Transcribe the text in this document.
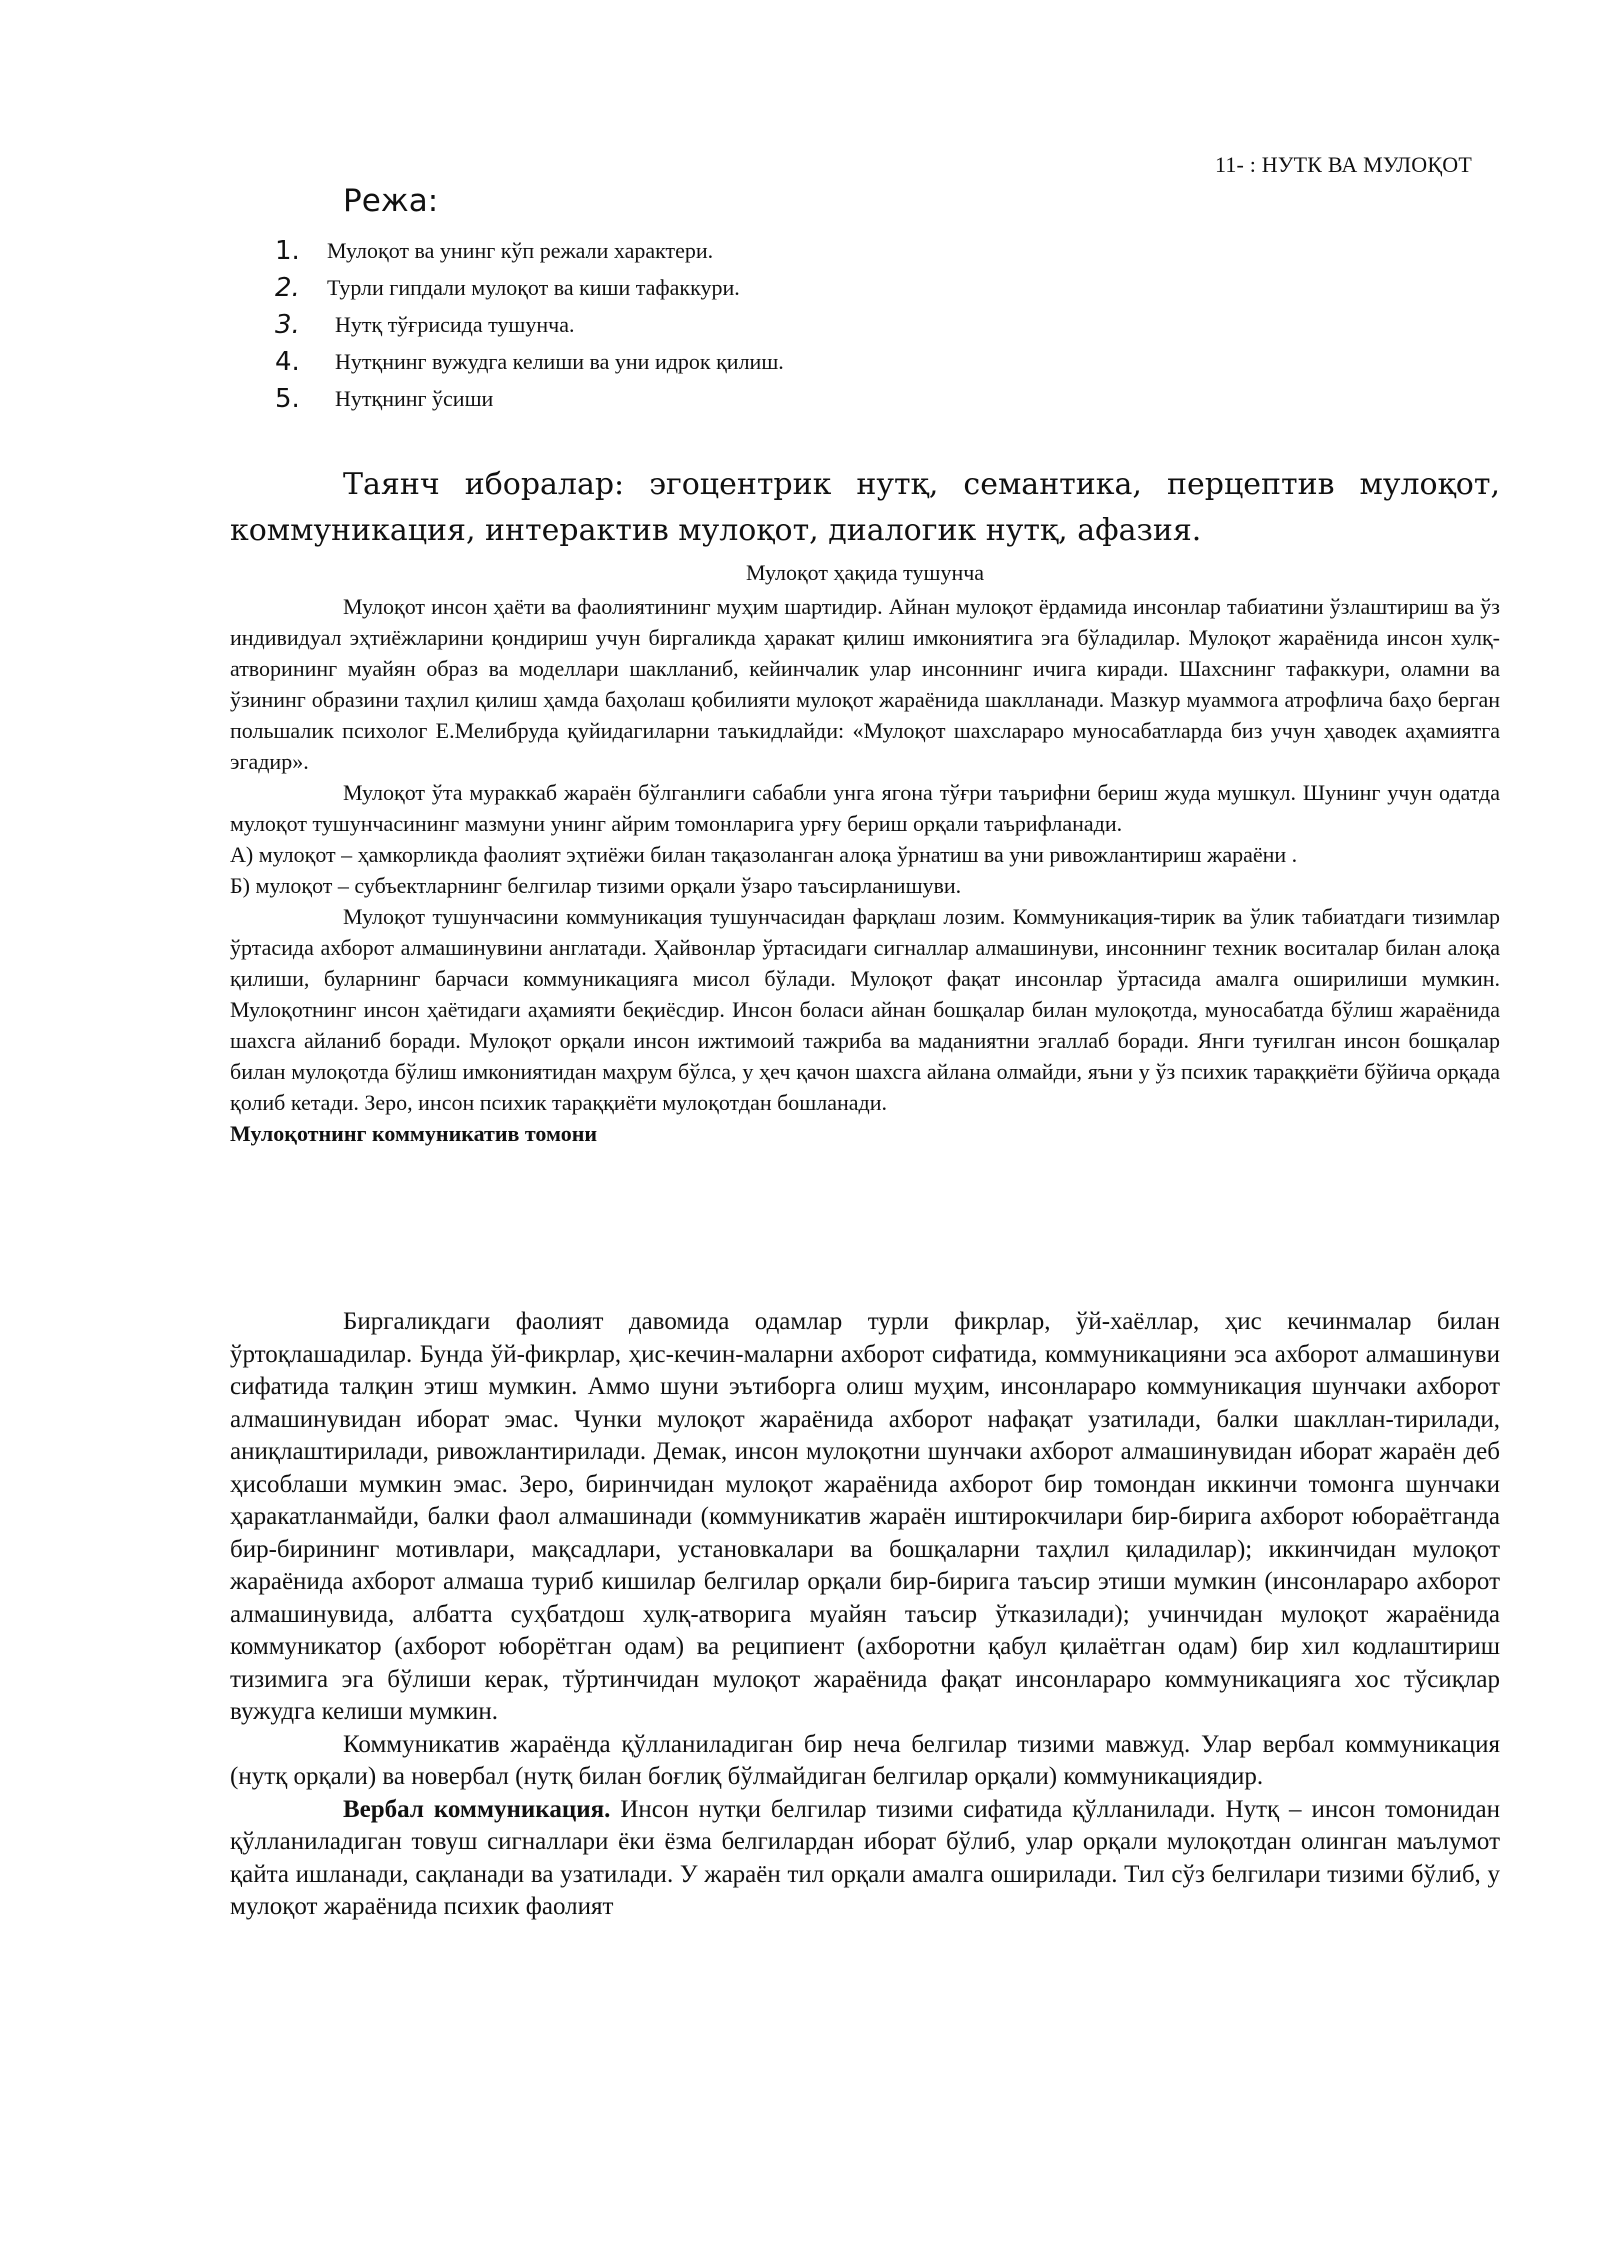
11- : НУТК ВА МУЛОҚОТ
Режа:
1.	Мулоқот ва унинг кўп режали характери.
2.	Турли гипдали мулоқот ва киши тафаккури.
3.	Нутқ тўғрисида тушунча.
4.	Нутқнинг вужудга келиши ва уни идрок қилиш.
5.	Нутқнинг ўсиши
Таянч иборалар: эгоцентрик нутқ, семантика, перцептив мулоқот, коммуникация, интерактив мулоқот, диалогик нутқ, афазия.
Мулоқот ҳақида тушунча

Мулоқот инсон ҳаёти ва фаолиятининг муҳим шартидир. Айнан мулоқот ёрдамида инсонлар табиатини ўзлаштириш ва ўз индивидуал эҳтиёжларини қондириш учун биргаликда ҳаракат қилиш имкониятига эга бўладилар. Мулоқот жараёнида инсон хулқ-атворининг муайян образ ва моделлари шаклланиб, кейинчалик улар инсоннинг ичига киради. Шахснинг тафаккури, оламни ва ўзининг образини таҳлил қилиш ҳамда баҳолаш қобилияти мулоқот жараёнида шаклланади. Мазкур муаммога атрофлича баҳо берган польшалик психолог Е.Мелибруда қуйидагиларни таъкидлайди: «Мулоқот шахслараро муносабатларда биз учун ҳаводек аҳамиятга эгадир».

Мулоқот ўта мураккаб жараён бўлганлиги сабабли унга ягона тўғри таърифни бериш жуда мушкул. Шунинг учун одатда мулоқот тушунчасининг мазмуни унинг айрим томонларига урғу бериш орқали таърифланади.

А) мулоқот – ҳамкорликда фаолият эҳтиёжи билан тақазоланган алоқа ўрнатиш ва уни ривожлантириш жараёни .

Б) мулоқот – субъектларнинг белгилар тизими орқали ўзаро таъсирланишуви.

Мулоқот тушунчасини коммуникация тушунчасидан фарқлаш лозим. Коммуникация-тирик ва ўлик табиатдаги тизимлар ўртасида ахборот алмашинувини англатади. Ҳайвонлар ўртасидаги сигналлар алмашинуви, инсоннинг техник воситалар билан алоқа қилиши, буларнинг барчаси коммуникацияга мисол бўлади. Мулоқот фақат инсонлар ўртасида амалга оширилиши мумкин. Мулоқотнинг инсон ҳаётидаги аҳамияти беқиёсдир. Инсон боласи айнан бошқалар билан мулоқотда, муносабатда бўлиш жараёнида шахсга айланиб боради. Мулоқот орқали инсон ижтимоий тажриба ва маданиятни эгаллаб боради. Янги туғилган инсон бошқалар билан мулоқотда бўлиш имкониятидан маҳрум бўлса, у ҳеч қачон шахсга айлана олмайди, яъни у ўз психик тараққиёти бўйича орқада қолиб кетади. Зеро, инсон психик тараққиёти мулоқотдан бошланади.

Мулоқотнинг коммуникатив томони

Биргаликдаги фаолият давомида одамлар турли фикрлар, ўй-хаёллар, ҳис кечинмалар билан ўртоқлашадилар. Бунда ўй-фикрлар, ҳис-кечин-маларни ахборот сифатида, коммуникацияни эса ахборот алмашинуви сифатида талқин этиш мумкин. Аммо шуни эътиборга олиш муҳим, инсонлараро коммуникация шунчаки ахборот алмашинувидан иборат эмас. Чунки мулоқот жараёнида ахборот нафақат узатилади, балки шакллан-тирилади, аниқлаштирилади, ривожлантирилади. Демак, инсон мулоқотни шунчаки ахборот алмашинувидан иборат жараён деб ҳисоблаши мумкин эмас. Зеро, биринчидан мулоқот жараёнида ахборот бир томондан иккинчи томонга шунчаки ҳаракатланмайди, балки фаол алмашинади (коммуникатив жараён иштирокчилари бир-бирига ахборот юбораётганда бир-бирининг мотивлари, мақсадлари, установкалари ва бошқаларни таҳлил қиладилар); иккинчидан мулоқот жараёнида ахборот алмаша туриб кишилар белгилар орқали бир-бирига таъсир этиши мумкин (инсонлараро ахборот алмашинувида, албатта суҳбатдош хулқ-атворига муайян таъсир ўтказилади); учинчидан мулоқот жараёнида коммуникатор (ахборот юборётган одам) ва реципиент (ахборотни қабул қилаётган одам) бир хил кодлаштириш тизимига эга бўлиши керак, тўртинчидан мулоқот жараёнида фақат инсонлараро коммуникацияга хос тўсиқлар вужудга келиши мумкин.

Коммуникатив жараёнда қўлланиладиган бир неча белгилар тизими мавжуд. Улар вербал коммуникация (нутқ орқали) ва новербал (нутқ билан боғлиқ бўлмайдиган белгилар орқали) коммуникациядир.

Вербал коммуникация. Инсон нутқи белгилар тизими сифатида қўлланилади. Нутқ – инсон томонидан қўлланиладиган товуш сигналлари ёки ёзма белгилардан иборат бўлиб, улар орқали мулоқотдан олинган маълумот қайта ишланади, сақланади ва узатилади. У жараён тил орқали амалга оширилади. Тил сўз белгилари тизими бўлиб, у мулоқот жараёнида психик фаолият
